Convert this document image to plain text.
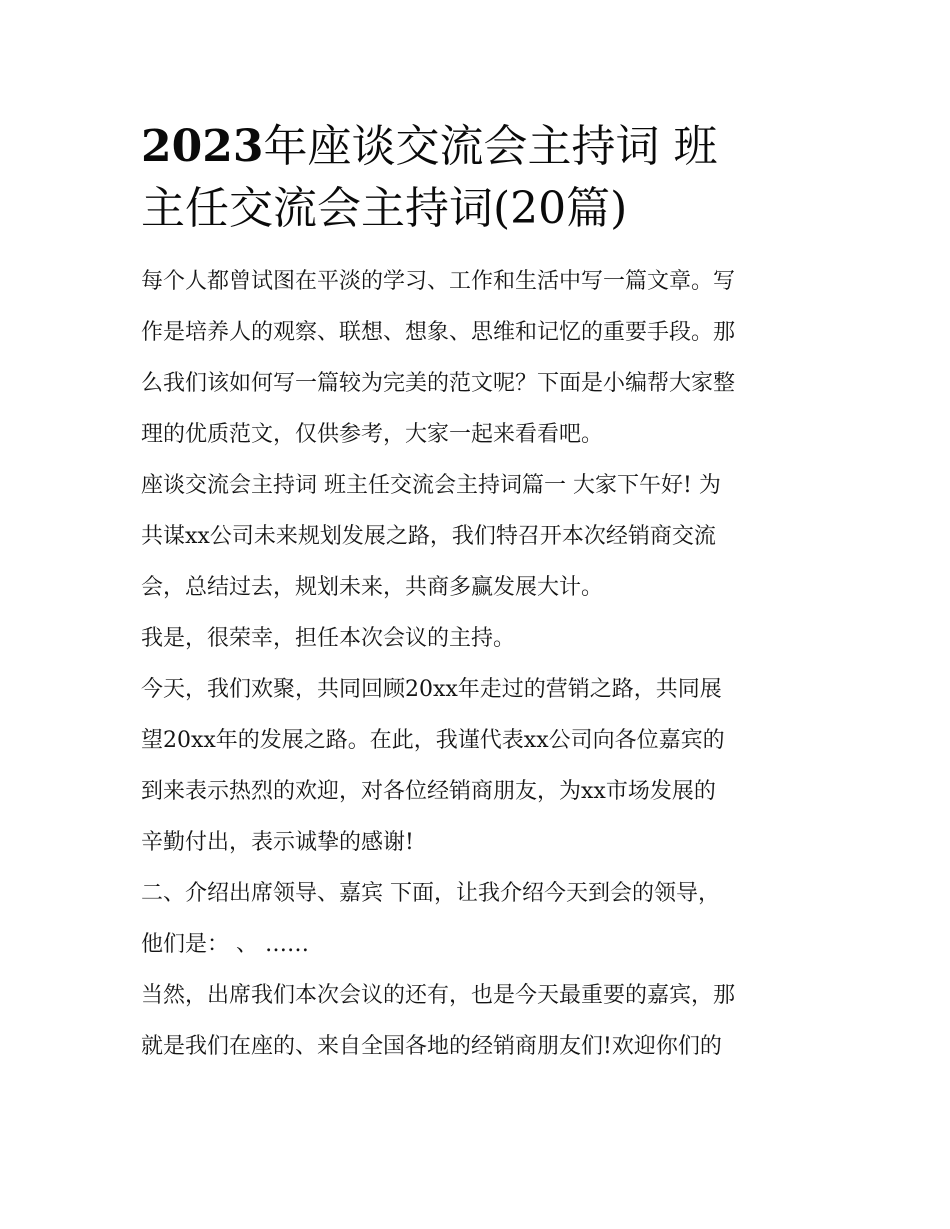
2023年座谈交流会主持词 班
主任交流会主持词(20篇)

每个人都曾试图在平淡的学习、工作和生活中写一篇文章。写
作是培养人的观察、联想、想象、思维和记忆的重要手段。那
么我们该如何写一篇较为完美的范文呢？下面是小编帮大家整
理的优质范文，仅供参考，大家一起来看看吧。

座谈交流会主持词 班主任交流会主持词篇一 大家下午好! 为
共谋xx公司未来规划发展之路，我们特召开本次经销商交流
会，总结过去，规划未来，共商多赢发展大计。

我是，很荣幸，担任本次会议的主持。

今天，我们欢聚，共同回顾20xx年走过的营销之路，共同展
望20xx年的发展之路。在此，我谨代表xx公司向各位嘉宾的
到来表示热烈的欢迎，对各位经销商朋友，为xx市场发展的
辛勤付出，表示诚挚的感谢!

二、介绍出席领导、嘉宾 下面，让我介绍今天到会的领导，
他们是： 、 ……

当然，出席我们本次会议的还有，也是今天最重要的嘉宾，那
就是我们在座的、来自全国各地的经销商朋友们!欢迎你们的
